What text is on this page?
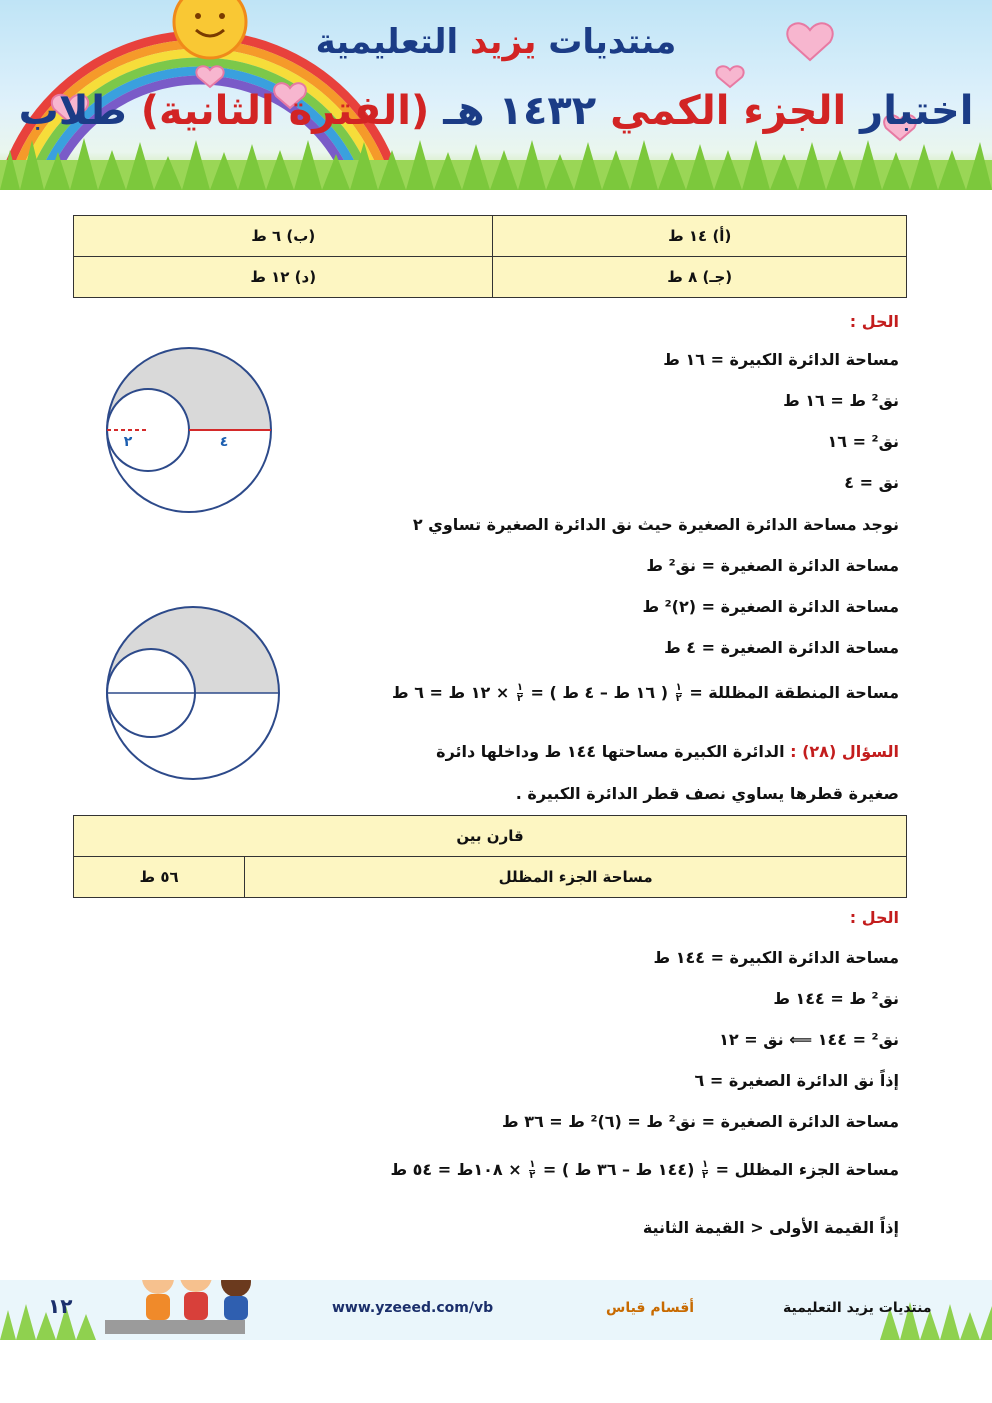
منتديات يزيد التعليمية
اختبار الجزء الكمي ١٤٣٢ هـ (الفترة الثانية) طلاب
(أ) ١٤ ط	(ب) ٦ ط
(جـ) ٨ ط	(د) ١٢ ط
الحل :
مساحة الدائرة الكبيرة = ١٦ ط
نق² ط = ١٦ ط
نق² = ١٦
نق = ٤
نوجد مساحة الدائرة الصغيرة حيث نق الدائرة الصغيرة تساوي ٢
مساحة الدائرة الصغيرة = نق² ط
مساحة الدائرة الصغيرة = (٢)² ط
مساحة الدائرة الصغيرة = ٤ ط
مساحة المنطقة المظللة =
$\frac{١}{٢}$
( ١٦ ط – ٤ ط ) =
$\frac{١}{٢}$
× ١٢ ط = ٦ ط
٢	٤
السؤال (٢٨) : الدائرة الكبيرة مساحتها ١٤٤ ط وداخلها دائرة
صغيرة قطرها يساوي نصف قطر الدائرة الكبيرة .
قارن بين
مساحة الجزء المظلل	٥٦ ط
الحل :
مساحة الدائرة الكبيرة = ١٤٤ ط
نق² ط = ١٤٤ ط
نق² = ١٤٤ ⟸ نق = ١٢
إذاً نق الدائرة الصغيرة = ٦
مساحة الدائرة الصغيرة = نق² ط = (٦)² ط = ٣٦ ط
مساحة الجزء المظلل =
$\frac{١}{٢}$
(١٤٤ ط – ٣٦ ط ) =
$\frac{١}{٢}$
× ١٠٨ط = ٥٤ ط
إذاً القيمة الأولى < القيمة الثانية
منتديات يزيد التعليمية
أقسام قياس
www.yzeeed.com/vb
١٢
